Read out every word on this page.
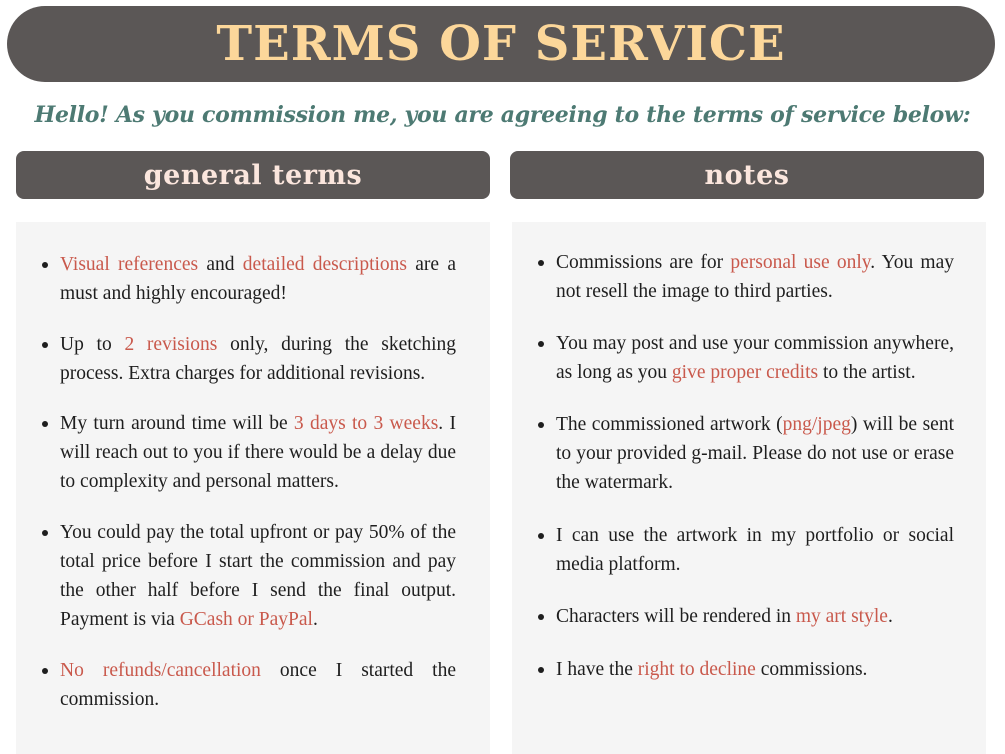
TERMS OF SERVICE
Hello! As you commission me, you are agreeing to the terms of service below:
general terms	notes
Visual references and detailed descriptions are a must and highly encouraged!
Up to 2 revisions only, during the sketching process. Extra charges for additional revisions.
My turn around time will be 3 days to 3 weeks. I will reach out to you if there would be a delay due to complexity and personal matters.
You could pay the total upfront or pay 50% of the total price before I start the commission and pay the other half before I send the final output. Payment is via GCash or PayPal.
No refunds/cancellation once I started the commission.
Commissions are for personal use only. You may not resell the image to third parties.
You may post and use your commission anywhere, as long as you give proper credits to the artist.
The commissioned artwork (png/jpeg) will be sent to your provided g-mail. Please do not use or erase the watermark.
I can use the artwork in my portfolio or social media platform.
Characters will be rendered in my art style.
I have the right to decline commissions.
